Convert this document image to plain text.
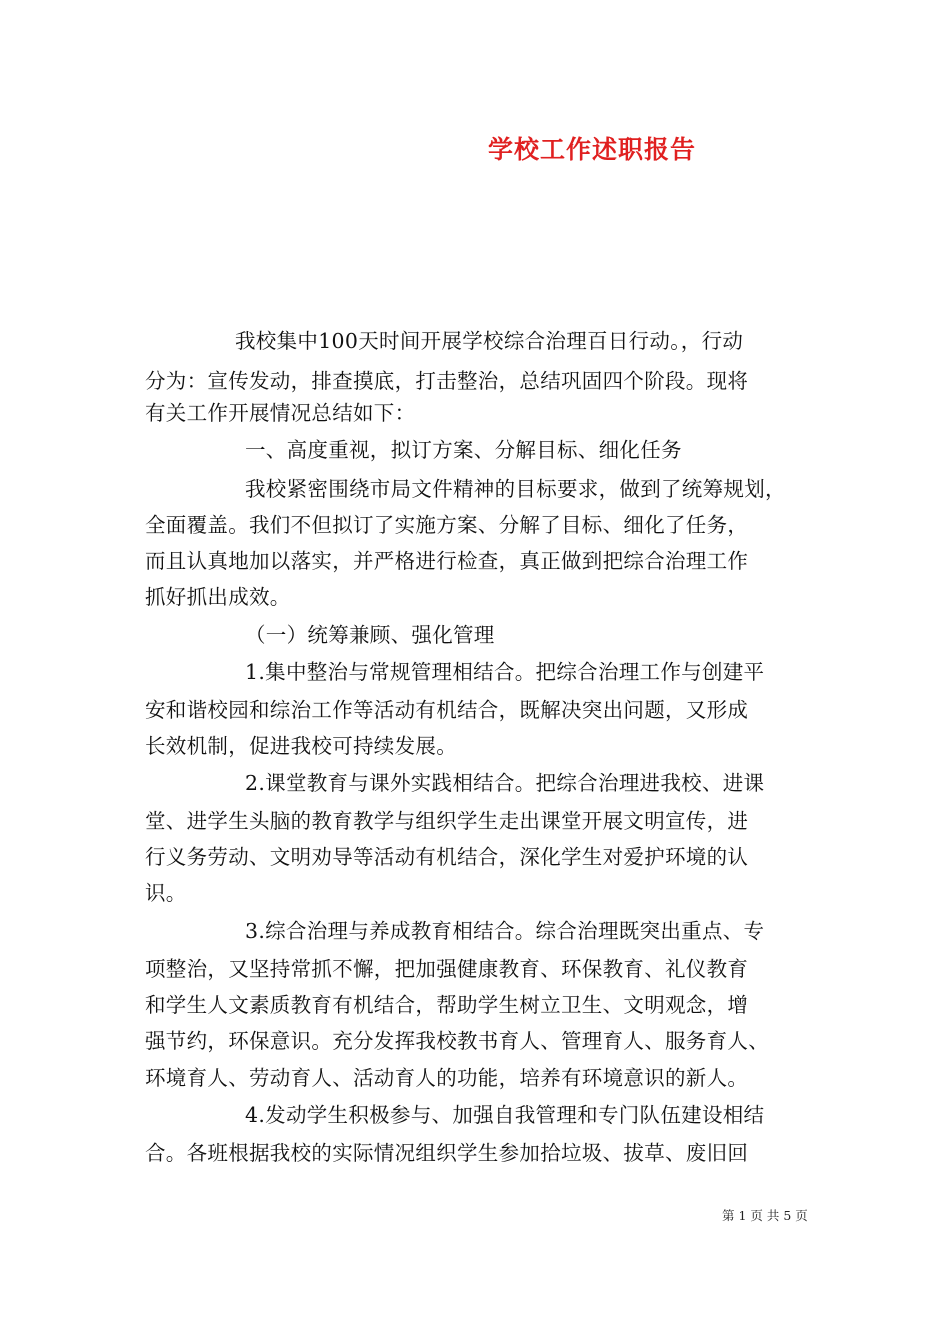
学校工作述职报告
我校集中100天时间开展学校综合治理百日行动。，行动
分为：宣传发动，排查摸底，打击整治，总结巩固四个阶段。现将
有关工作开展情况总结如下：
一、高度重视，拟订方案、分解目标、细化任务
我校紧密围绕市局文件精神的目标要求，做到了统筹规划，
全面覆盖。我们不但拟订了实施方案、分解了目标、细化了任务，
而且认真地加以落实，并严格进行检查，真正做到把综合治理工作
抓好抓出成效。
（一）统筹兼顾、强化管理
1.集中整治与常规管理相结合。把综合治理工作与创建平
安和谐校园和综治工作等活动有机结合，既解决突出问题，又形成
长效机制，促进我校可持续发展。
2.课堂教育与课外实践相结合。把综合治理进我校、进课
堂、进学生头脑的教育教学与组织学生走出课堂开展文明宣传，进
行义务劳动、文明劝导等活动有机结合，深化学生对爱护环境的认
识。
3.综合治理与养成教育相结合。综合治理既突出重点、专
项整治，又坚持常抓不懈，把加强健康教育、环保教育、礼仪教育
和学生人文素质教育有机结合，帮助学生树立卫生、文明观念，增
强节约，环保意识。充分发挥我校教书育人、管理育人、服务育人、
环境育人、劳动育人、活动育人的功能，培养有环境意识的新人。
4.发动学生积极参与、加强自我管理和专门队伍建设相结
合。各班根据我校的实际情况组织学生参加拾垃圾、拔草、废旧回
第 1 页 共 5 页
